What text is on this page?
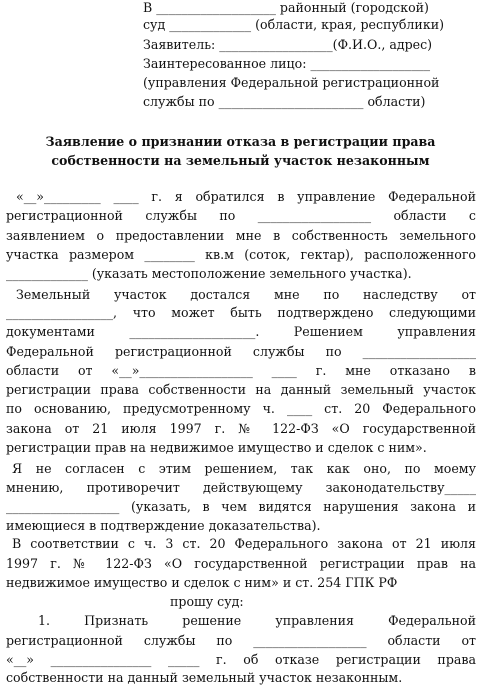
В ___________________ районный (городской)
суд _____________ (области, края, республики)
Заявитель: __________________(Ф.И.О., адрес)
Заинтересованное лицо: ___________________
(управления Федеральной регистрационной
службы по _______________________ области)
Заявление о признании отказа в регистрации права
собственности на земельный участок незаконным
«__»_________ ____ г. я обратился в управление Федеральной
регистрационной службы по __________________ области с
заявлением о предоставлении мне в собственность земельного
участка размером ________ кв.м (соток, гектар), расположенного
_____________ (указать местоположение земельного участка).
Земельный участок достался мне по наследству от
_________________, что может быть подтверждено следующими
документами ____________________. Решением управления
Федеральной регистрационной службы по __________________
области от «__»__________________ ____ г. мне отказано в
регистрации права собственности на данный земельный участок
по основанию, предусмотренному ч. ____ ст. 20 Федерального
закона от 21 июля 1997 г. № 122-ФЗ «О государственной
регистрации прав на недвижимое имущество и сделок с ним».
Я не согласен с этим решением, так как оно, по моему
мнению, противоречит действующему законодательству_____
__________________ (указать, в чем видятся нарушения закона и
имеющиеся в подтверждение доказательства).
В соответствии с ч. 3 ст. 20 Федерального закона от 21 июля
1997 г. № 122-ФЗ «О государственной регистрации прав на
недвижимое имущество и сделок с ним» и ст. 254 ГПК РФ
прошу суд:
1. Признать решение управления Федеральной
регистрационной службы по __________________ области от
«__» ________________ _____ г. об отказе регистрации права
собственности на данный земельный участок незаконным.
